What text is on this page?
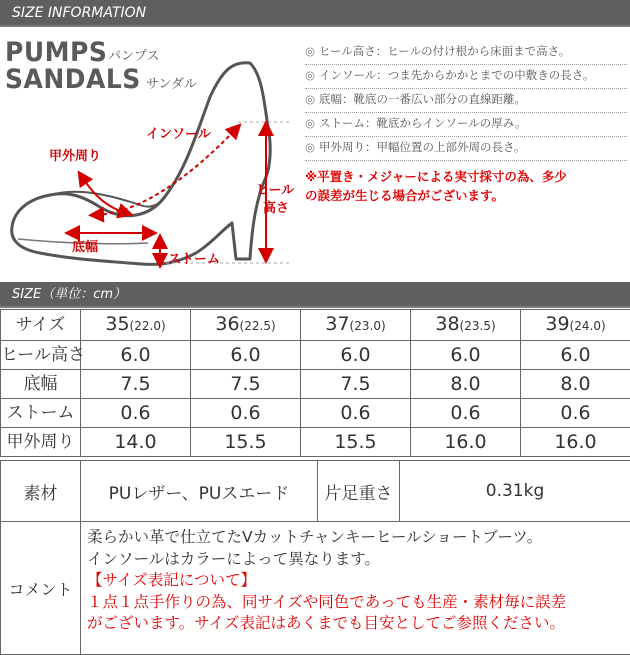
SIZE INFORMATION
PUMPS パンプス
SANDALS サンダル
インソール
甲外周り
ヒール
高さ
底幅
ストーム
◎ ヒール高さ：ヒールの付け根から床面まで高さ。
◎ インソール：つま先からかかとまでの中敷きの長さ。
◎ 底幅：靴底の一番広い部分の直線距離。
◎ ストーム：靴底からインソールの厚み。
◎ 甲外周り：甲幅位置の上部外周の長さ。
※平置き・メジャーによる実寸採寸の為、多少
の誤差が生じる場合がございます。
SIZE（単位：cm）
サイズ	35(22.0)	36(22.5)	37(23.0)	38(23.5)	39(24.0)
ヒール高さ	6.0	6.0	6.0	6.0	6.0
底幅	7.5	7.5	7.5	8.0	8.0
ストーム	0.6	0.6	0.6	0.6	0.6
甲外周り	14.0	15.5	15.5	16.0	16.0
素材	PUレザー、PUスエード	片足重さ	0.31kg
コメント	
柔らかい革で仕立てたVカットチャンキーヒールショートブーツ。
インソールはカラーによって異なります。
【サイズ表記について】
１点１点手作りの為、同サイズや同色であっても生産・素材毎に誤差
がございます。サイズ表記はあくまでも目安としてご参照ください。
